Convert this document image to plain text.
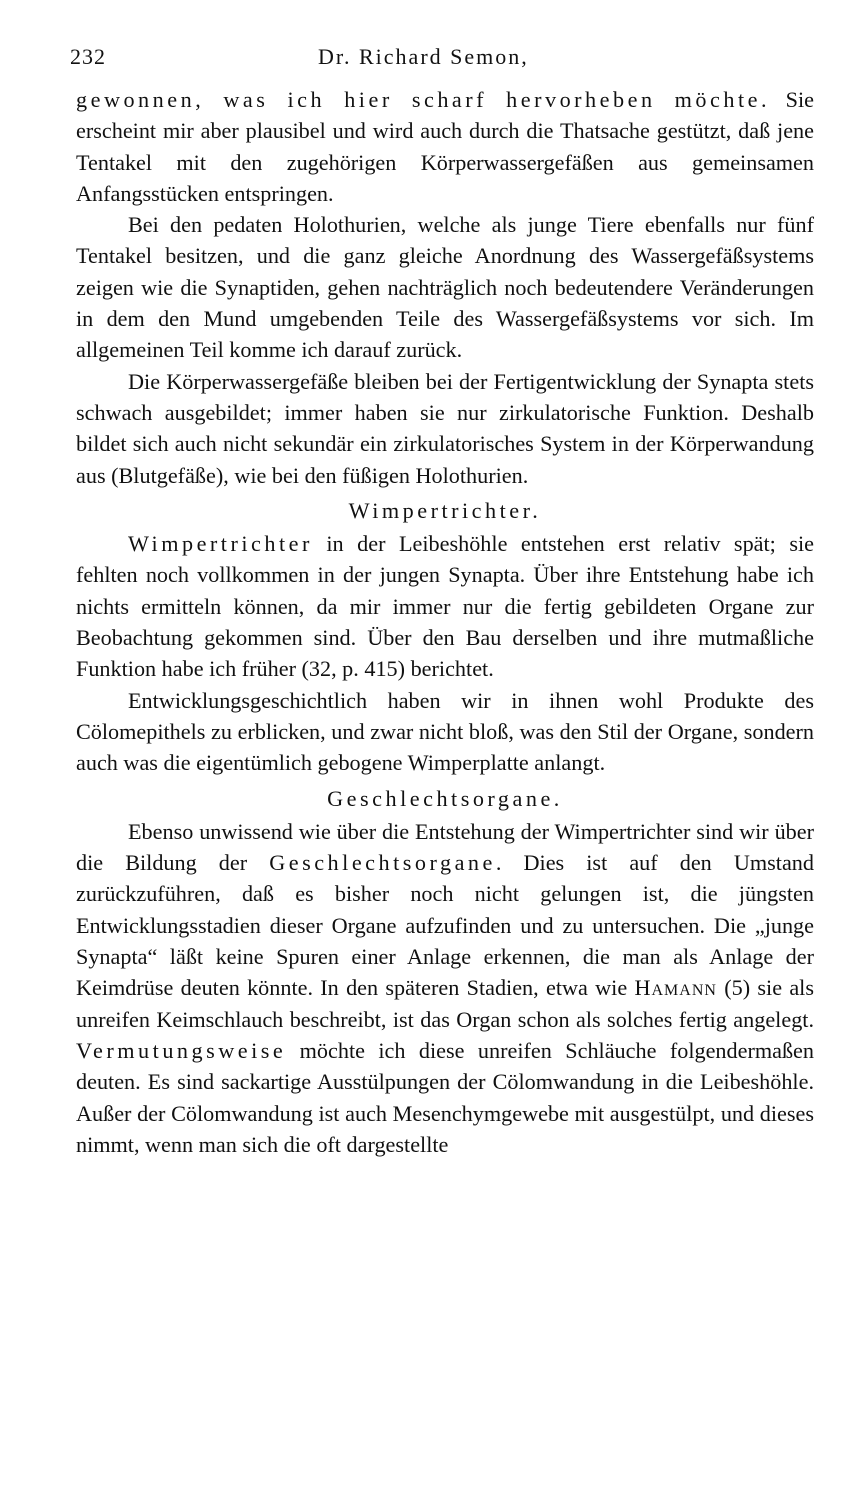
232	Dr. Richard Semon,

gewonnen, was ich hier scharf hervorheben möchte. Sie erscheint mir aber plausibel und wird auch durch die Thatsache gestützt, daß jene Tentakel mit den zugehörigen Körperwassergefäßen aus gemeinsamen Anfangsstücken entspringen.

Bei den pedaten Holothurien, welche als junge Tiere ebenfalls nur fünf Tentakel besitzen, und die ganz gleiche Anordnung des Wassergefäßsystems zeigen wie die Synaptiden, gehen nachträglich noch bedeutendere Veränderungen in dem den Mund umgebenden Teile des Wassergefäßsystems vor sich. Im allgemeinen Teil komme ich darauf zurück.

Die Körperwassergefäße bleiben bei der Fertigentwicklung der Synapta stets schwach ausgebildet; immer haben sie nur zirkulatorische Funktion. Deshalb bildet sich auch nicht sekundär ein zirkulatorisches System in der Körperwandung aus (Blutgefäße), wie bei den füßigen Holothurien.

Wimpertrichter.

Wimpertrichter in der Leibeshöhle entstehen erst relativ spät; sie fehlten noch vollkommen in der jungen Synapta. Über ihre Entstehung habe ich nichts ermitteln können, da mir immer nur die fertig gebildeten Organe zur Beobachtung gekommen sind. Über den Bau derselben und ihre mutmaßliche Funktion habe ich früher (32, p. 415) berichtet.

Entwicklungsgeschichtlich haben wir in ihnen wohl Produkte des Cölomepithels zu erblicken, und zwar nicht bloß, was den Stil der Organe, sondern auch was die eigentümlich gebogene Wimperplatte anlangt.

Geschlechtsorgane.

Ebenso unwissend wie über die Entstehung der Wimpertrichter sind wir über die Bildung der Geschlechtsorgane. Dies ist auf den Umstand zurückzuführen, daß es bisher noch nicht gelungen ist, die jüngsten Entwicklungsstadien dieser Organe aufzufinden und zu untersuchen. Die „junge Synapta“ läßt keine Spuren einer Anlage erkennen, die man als Anlage der Keimdrüse deuten könnte. In den späteren Stadien, etwa wie Hamann (5) sie als unreifen Keimschlauch beschreibt, ist das Organ schon als solches fertig angelegt. Vermutungsweise möchte ich diese unreifen Schläuche folgendermaßen deuten. Es sind sackartige Ausstülpungen der Cölomwandung in die Leibeshöhle. Außer der Cölomwandung ist auch Mesenchymgewebe mit ausgestülpt, und dieses nimmt, wenn man sich die oft dargestellte
